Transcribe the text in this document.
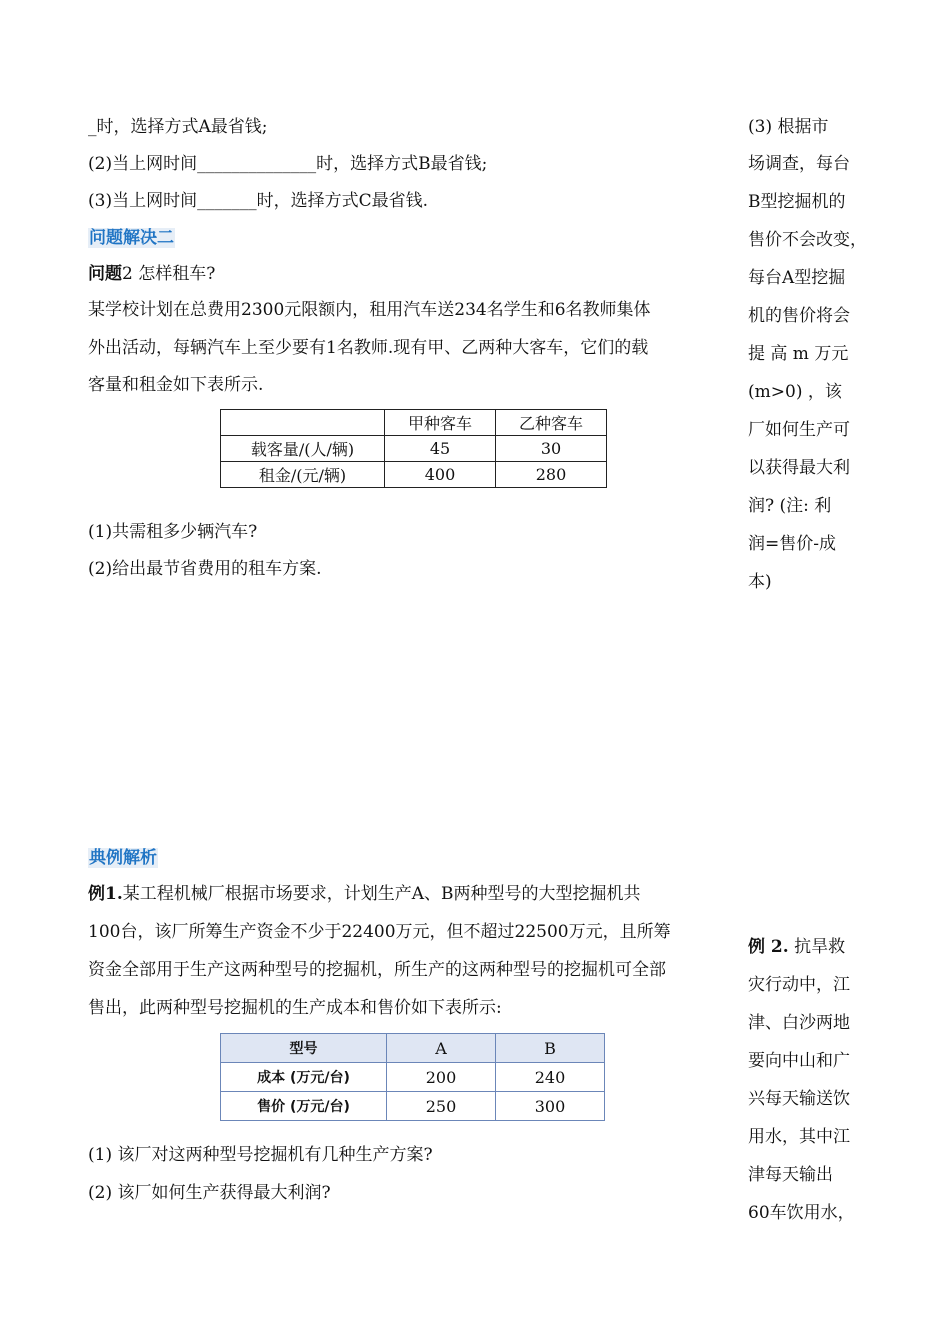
_时，选择方式A最省钱;
(2)当上网时间______________时，选择方式B最省钱;
(3)当上网时间_______时，选择方式C最省钱.
问题解决二
问题2 怎样租车?
某学校计划在总费用2300元限额内，租用汽车送234名学生和6名教师集体
外出活动，每辆汽车上至少要有1名教师.现有甲、乙两种大客车，它们的载
客量和租金如下表所示.
	甲种客车	乙种客车
载客量/(人/辆)	45	30
租金/(元/辆)	400	280
(1)共需租多少辆汽车?
(2)给出最节省费用的租车方案.
(3) 根据市
场调查，每台
B型挖掘机的
售价不会改变，
每台A型挖掘
机的售价将会
提 高 m 万元
(m>0) ，该
厂如何生产可
以获得最大利
润? (注: 利
润=售价-成
本)
典例解析
例1.某工程机械厂根据市场要求，计划生产A、B两种型号的大型挖掘机共
100台，该厂所筹生产资金不少于22400万元，但不超过22500万元，且所筹
资金全部用于生产这两种型号的挖掘机，所生产的这两种型号的挖掘机可全部
售出，此两种型号挖掘机的生产成本和售价如下表所示:
型号	A	B
成本 (万元/台)	200	240
售价 (万元/台)	250	300
(1) 该厂对这两种型号挖掘机有几种生产方案?
(2) 该厂如何生产获得最大利润?
例 2. 抗旱救
灾行动中，江
津、白沙两地
要向中山和广
兴每天输送饮
用水，其中江
津每天输出
60车饮用水，
